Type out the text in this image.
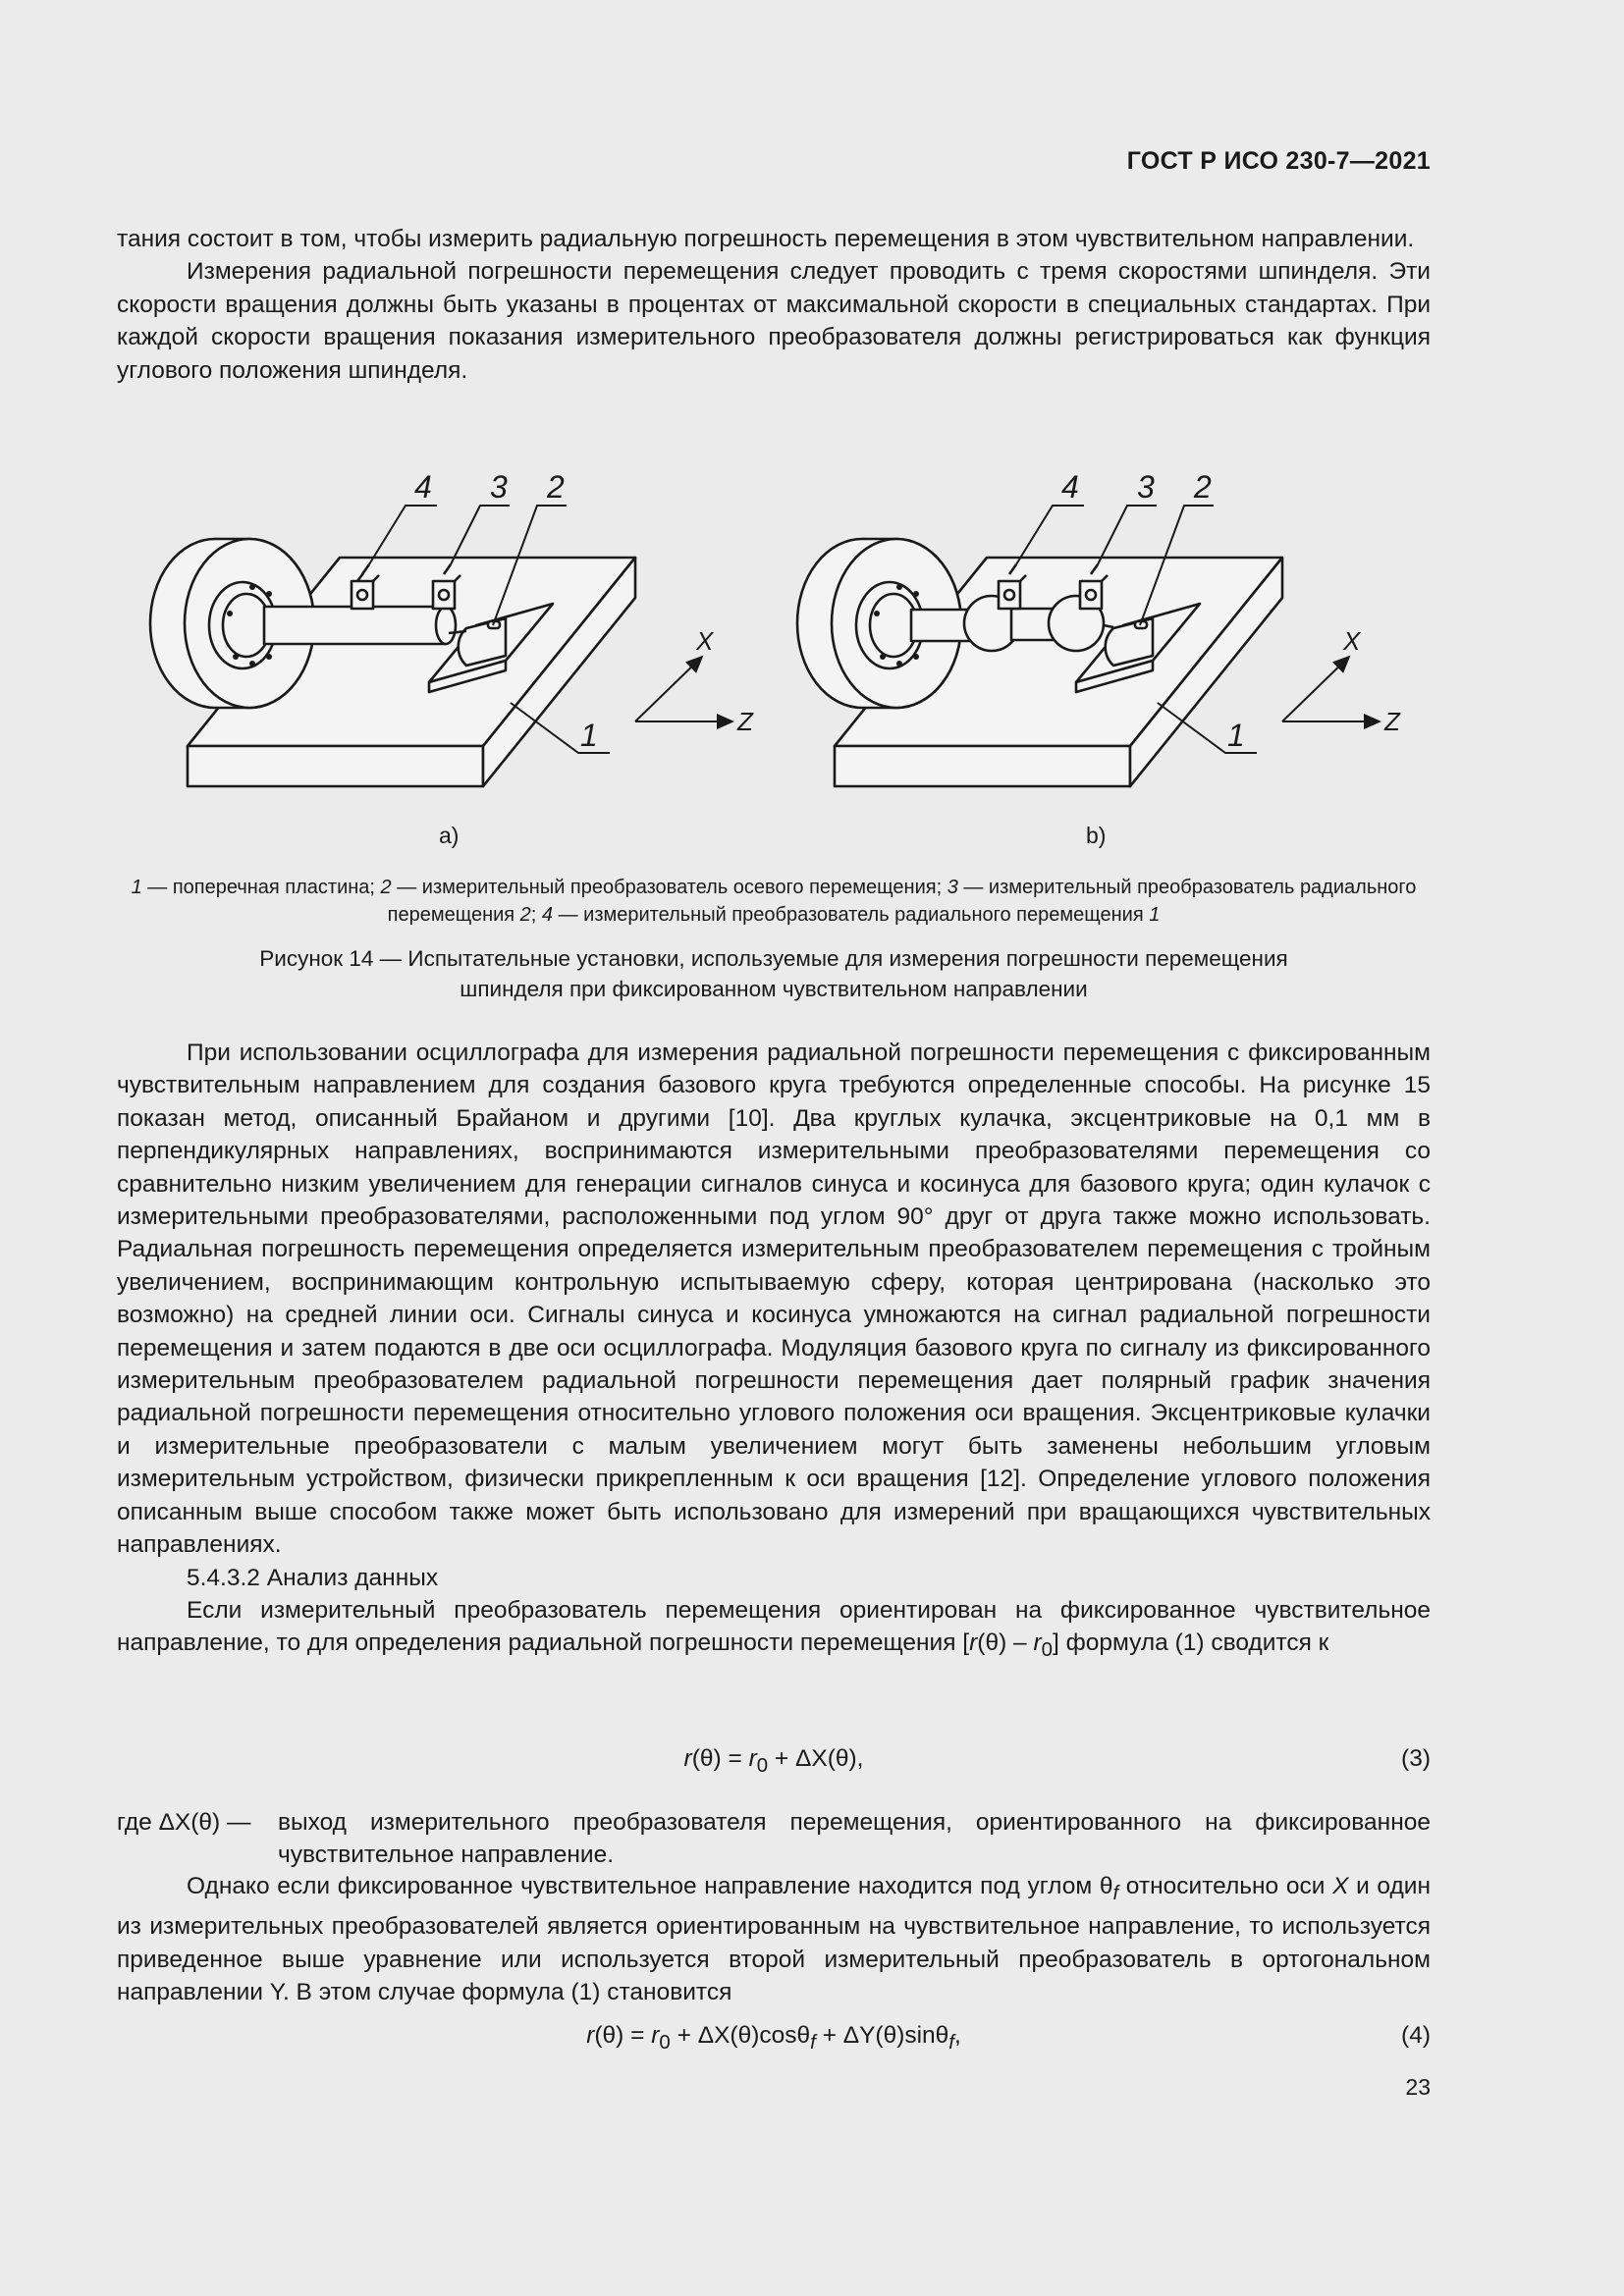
ГОСТ Р ИСО 230-7—2021

тания состоит в том, чтобы измерить радиальную погрешность перемещения в этом чувствительном направлении.

Измерения радиальной погрешности перемещения следует проводить с тремя скоростями шпинделя. Эти скорости вращения должны быть указаны в процентах от максимальной скорости в специальных стандартах. При каждой скорости вращения показания измерительного преобразователя должны регистрироваться как функция углового положения шпинделя.

4 3 2
1
X
Z
4 3 2
1
X
Z
a)	b)
1 — поперечная пластина; 2 — измерительный преобразователь осевого перемещения; 3 — измерительный преобразователь радиального перемещения 2; 4 — измерительный преобразователь радиального перемещения 1
Рисунок 14 — Испытательные установки, используемые для измерения погрешности перемещения
шпинделя при фиксированном чувствительном направлении

При использовании осциллографа для измерения радиальной погрешности перемещения с фиксированным чувствительным направлением для создания базового круга требуются определенные способы. На рисунке 15 показан метод, описанный Брайаном и другими [10]. Два круглых кулачка, эксцентриковые на 0,1 мм в перпендикулярных направлениях, воспринимаются измерительными преобразователями перемещения со сравнительно низким увеличением для генерации сигналов синуса и косинуса для базового круга; один кулачок с измерительными преобразователями, расположенными под углом 90° друг от друга также можно использовать. Радиальная погрешность перемещения определяется измерительным преобразователем перемещения с тройным увеличением, воспринимающим контрольную испытываемую сферу, которая центрирована (насколько это возможно) на средней линии оси. Сигналы синуса и косинуса умножаются на сигнал радиальной погрешности перемещения и затем подаются в две оси осциллографа. Модуляция базового круга по сигналу из фиксированного измерительным преобразователем радиальной погрешности перемещения дает полярный график значения радиальной погрешности перемещения относительно углового положения оси вращения. Эксцентриковые кулачки и измерительные преобразователи с малым увеличением могут быть заменены небольшим угловым измерительным устройством, физически прикрепленным к оси вращения [12]. Определение углового положения описанным выше способом также может быть использовано для измерений при вращающихся чувствительных направлениях.

5.4.3.2 Анализ данных

Если измерительный преобразователь перемещения ориентирован на фиксированное чувствительное направление, то для определения радиальной погрешности перемещения $[r(\theta) - r_0]$ формула (1) сводится к

$r(\theta) = r_0 + \Delta X(\theta)$,	(3)
где ΔX(θ) — выход измерительного преобразователя перемещения, ориентированного на фиксированное чувствительное направление.

Однако если фиксированное чувствительное направление находится под углом $\theta_f$ относительно оси X и один из измерительных преобразователей является ориентированным на чувствительное направление, то используется приведенное выше уравнение или используется второй измерительный преобразователь в ортогональном направлении Y. В этом случае формула (1) становится

$r(\theta) = r_0 + \Delta X(\theta)\cos\theta_f + \Delta Y(\theta)\sin\theta_f$,	(4)
23
